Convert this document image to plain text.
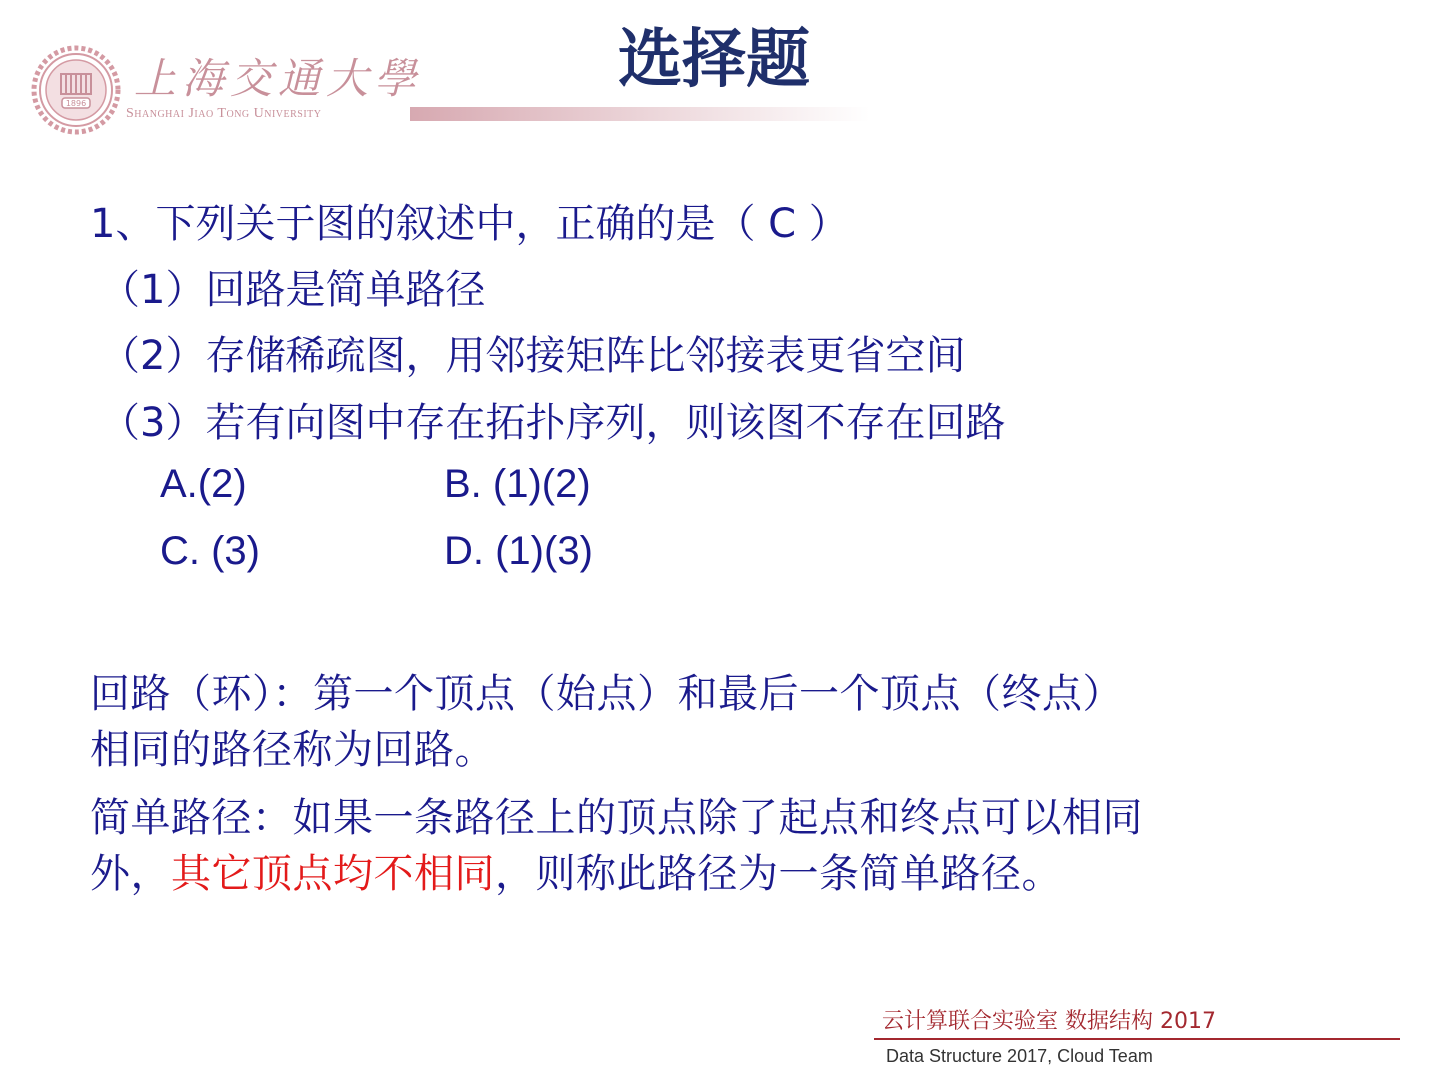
1896
上海交通大學
Shanghai Jiao Tong University
选择题
1、下列关于图的叙述中，正确的是（ C ）
（1）回路是简单路径
（2）存储稀疏图，用邻接矩阵比邻接表更省空间
（3）若有向图中存在拓扑序列，则该图不存在回路
A.(2)	B. (1)(2)
C. (3)	D. (1)(3)
回路（环）：第一个顶点（始点）和最后一个顶点（终点）
相同的路径称为回路。
简单路径：如果一条路径上的顶点除了起点和终点可以相同
外，其它顶点均不相同，则称此路径为一条简单路径。
云计算联合实验室 数据结构 2017
Data Structure 2017, Cloud Team
